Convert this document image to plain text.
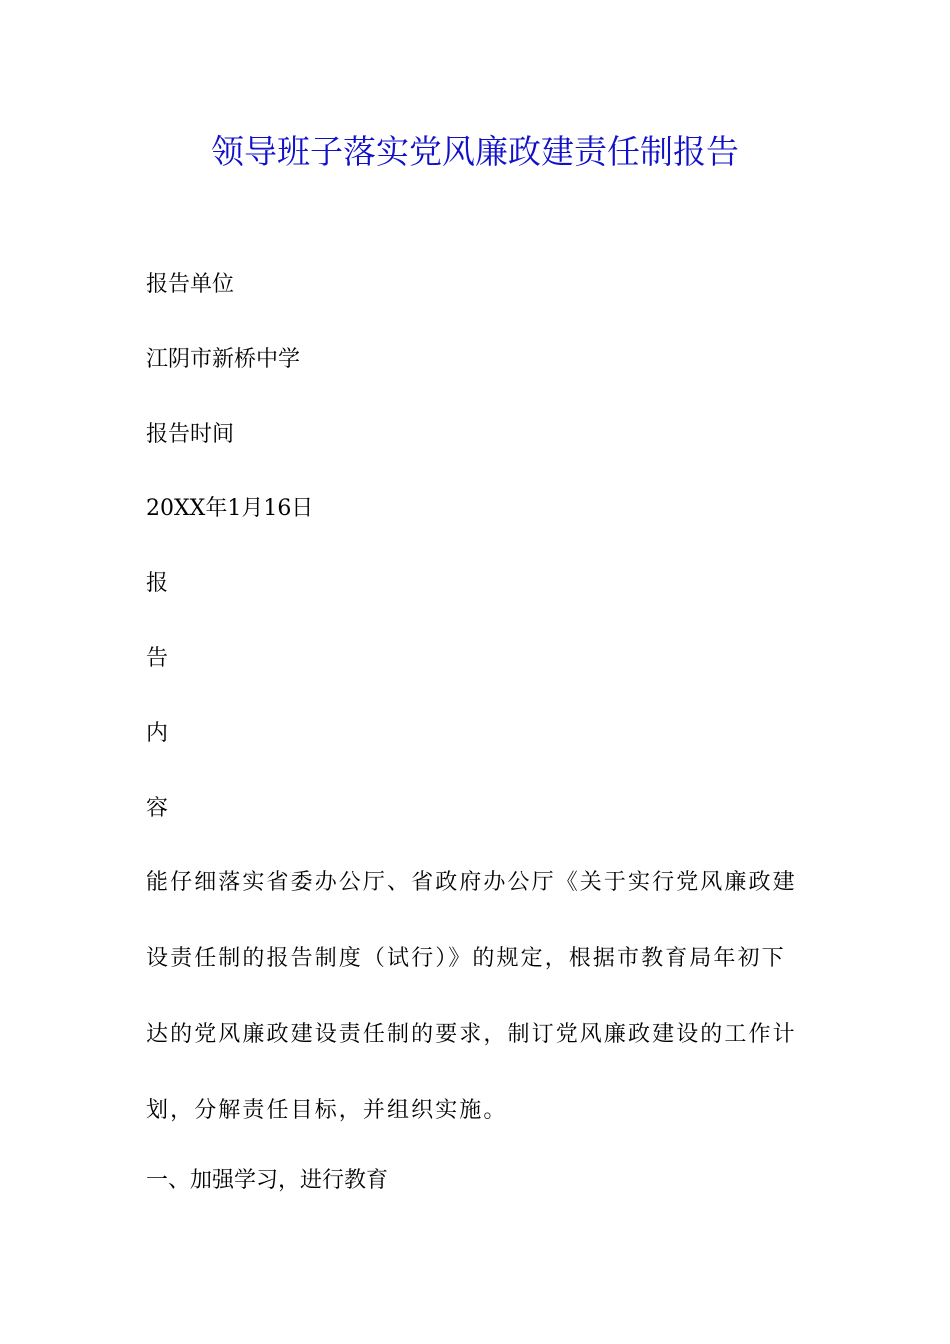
领导班子落实党风廉政建责任制报告

报告单位

江阴市新桥中学

报告时间

20XX年1月16日

报

告

内

容

能仔细落实省委办公厅、省政府办公厅《关于实行党风廉政建
设责任制的报告制度（试行）》的规定，根据市教育局年初下
达的党风廉政建设责任制的要求，制订党风廉政建设的工作计
划，分解责任目标，并组织实施。

一、加强学习，进行教育
